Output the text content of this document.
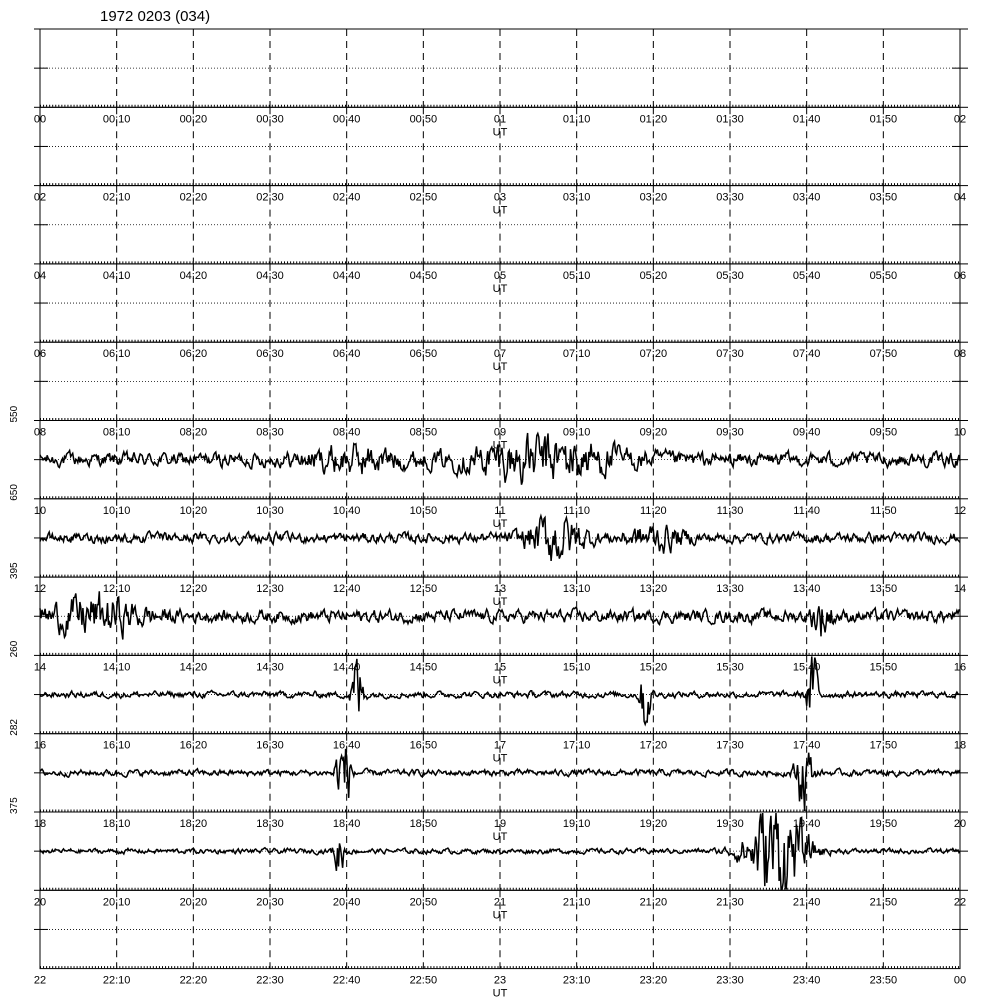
1972 0203 (034)
00	02
00:10	00:20	00:30	00:40	00:50	01	01:10	01:20	01:30	01:40	01:50
UT
02	04
02:10	02:20	02:30	02:40	02:50	03	03:10	03:20	03:30	03:40	03:50
UT
04	06
04:10	04:20	04:30	04:40	04:50	05	05:10	05:20	05:30	05:40	05:50
UT
06	08
06:10	06:20	06:30	06:40	06:50	07	07:10	07:20	07:30	07:40	07:50
UT
08	10
08:10	08:20	08:30	08:40	08:50	09	09:10	09:20	09:30	09:40	09:50
UT
10	12
10:10	10:20	10:30	10:40	10:50	11	11:10	11:20	11:30	11:40	11:50
UT
550
12	14
12:10	12:20	12:30	12:40	12:50	13	13:10	13:20	13:30	13:40	13:50
UT
650
14	16
14:10	14:20	14:30	14:40	14:50	15	15:10	15:20	15:30	15:40	15:50
UT
395
16	18
16:10	16:20	16:30	16:40	16:50	17	17:10	17:20	17:30	17:40	17:50
UT
260
18	20
18:10	18:20	18:30	18:40	18:50	19	19:10	19:20	19:30	19:40	19:50
UT
282
20	22
20:10	20:20	20:30	20:40	20:50	21	21:10	21:20	21:30	21:40	21:50
UT
375
22	00
22:10	22:20	22:30	22:40	22:50	23	23:10	23:20	23:30	23:40	23:50
UT
